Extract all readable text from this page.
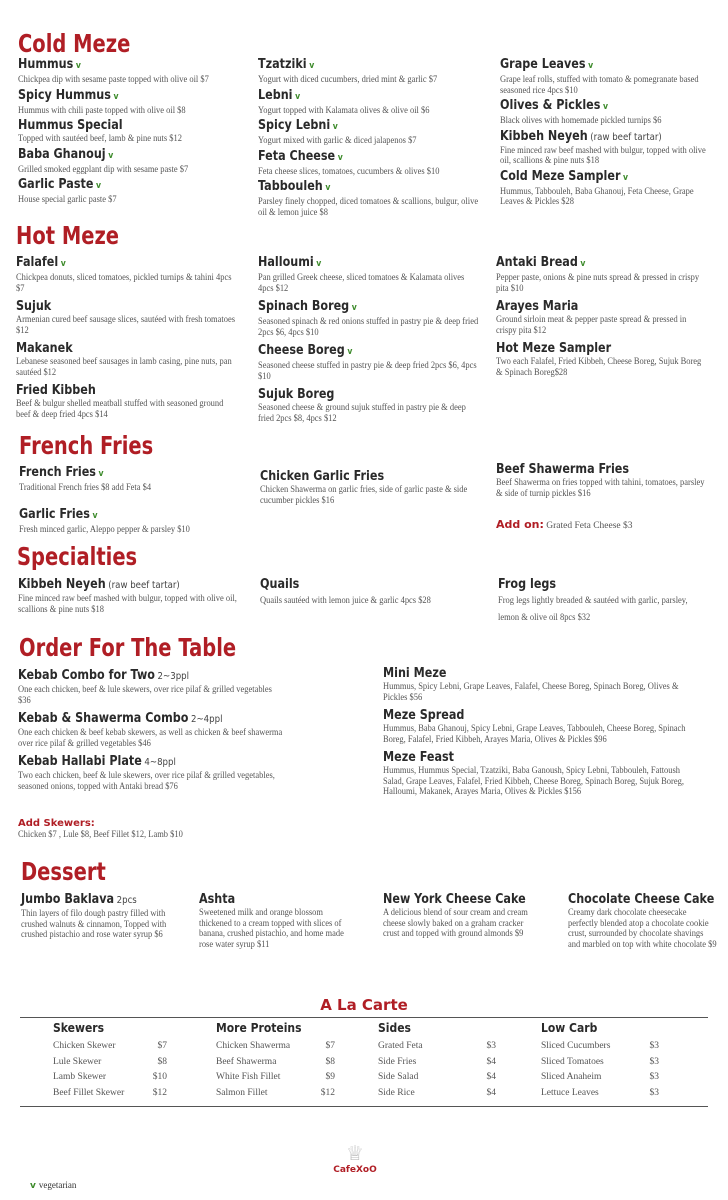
Cold Meze
Hot Meze
French Fries
Specialties
Order For The Table
Dessert
Hummus v
Chickpea dip with sesame paste topped with olive oil $7
Spicy Hummus v
Hummus with chili paste topped with olive oil $8
Hummus Special
Topped with sautéed beef, lamb & pine nuts $12
Baba Ghanouj v
Grilled smoked eggplant dip with sesame paste $7
Garlic Paste v
House special garlic paste $7
Tzatziki v
Yogurt with diced cucumbers, dried mint & garlic $7
Lebni v
Yogurt topped with Kalamata olives & olive oil $6
Spicy Lebni v
Yogurt mixed with garlic & diced jalapenos $7
Feta Cheese v
Feta cheese slices, tomatoes, cucumbers & olives $10
Tabbouleh v
Parsley finely chopped, diced tomatoes & scallions, bulgur, olive oil & lemon juice $8
Grape Leaves v
Grape leaf rolls, stuffed with tomato & pomegranate based seasoned rice 4pcs $10
Olives & Pickles v
Black olives with homemade pickled turnips $6
Kibbeh Neyeh (raw beef tartar)
Fine minced raw beef mashed with bulgur, topped with olive oil, scallions & pine nuts $18
Cold Meze Sampler v
Hummus, Tabbouleh, Baba Ghanouj, Feta Cheese, Grape Leaves & Pickles $28
Falafel v
Chickpea donuts, sliced tomatoes, pickled turnips & tahini 4pcs $7
Sujuk
Armenian cured beef sausage slices, sautéed with fresh tomatoes $12
Makanek
Lebanese seasoned beef sausages in lamb casing, pine nuts, pan sautéed $12
Fried Kibbeh
Beef & bulgur shelled meatball stuffed with seasoned ground beef & deep fried 4pcs $14
Halloumi v
Pan grilled Greek cheese, sliced tomatoes & Kalamata olives 4pcs $12
Spinach Boreg v
Seasoned spinach & red onions stuffed in pastry pie & deep fried 2pcs $6, 4pcs $10
Cheese Boreg v
Seasoned cheese stuffed in pastry pie & deep fried 2pcs $6, 4pcs $10
Sujuk Boreg
Seasoned cheese & ground sujuk stuffed in pastry pie & deep fried 2pcs $8, 4pcs $12
Antaki Bread v
Pepper paste, onions & pine nuts spread & pressed in crispy pita $10
Arayes Maria
Ground sirloin meat & pepper paste spread & pressed in crispy pita $12
Hot Meze Sampler
Two each Falafel, Fried Kibbeh, Cheese Boreg, Sujuk Boreg & Spinach Boreg$28
French Fries v
Traditional French fries $8 add Feta $4
Garlic Fries v
Fresh minced garlic, Aleppo pepper & parsley $10
Chicken Garlic Fries
Chicken Shawerma on garlic fries, side of garlic paste & side cucumber pickles $16
Beef Shawerma Fries
Beef Shawerma on fries topped with tahini, tomatoes, parsley & side of turnip pickles $16
Add on: Grated Feta Cheese $3
Kibbeh Neyeh (raw beef tartar)
Fine minced raw beef mashed with bulgur, topped with olive oil, scallions & pine nuts $18
Quails
Quails sautéed with lemon juice & garlic 4pcs $28
Frog legs
Frog legs lightly breaded & sautéed with garlic, parsley, lemon & olive oil 8pcs $32
Kebab Combo for Two 2~3ppl
One each chicken, beef & lule skewers, over rice pilaf & grilled vegetables $36
Kebab & Shawerma Combo 2~4ppl
One each chicken & beef kebab skewers, as well as chicken & beef shawerma over rice pilaf & grilled vegetables $46
Kebab Hallabi Plate 4~8ppl
Two each chicken, beef & lule skewers, over rice pilaf & grilled vegetables, seasoned onions, topped with Antaki bread $76
Add Skewers:
Chicken $7 , Lule $8, Beef Fillet $12, Lamb $10
Mini Meze
Hummus, Spicy Lebni, Grape Leaves, Falafel, Cheese Boreg, Spinach Boreg, Olives & Pickles $56
Meze Spread
Hummus, Baba Ghanouj, Spicy Lebni, Grape Leaves, Tabbouleh, Cheese Boreg, Spinach Boreg, Falafel, Fried Kibbeh, Arayes Maria, Olives & Pickles $96
Meze Feast
Hummus, Hummus Special, Tzatziki, Baba Ganoush, Spicy Lebni, Tabbouleh, Fattoush Salad, Grape Leaves, Falafel, Fried Kibbeh, Cheese Boreg, Spinach Boreg, Sujuk Boreg, Halloumi, Makanek, Arayes Maria, Olives & Pickles $156
Jumbo Baklava 2pcs
Thin layers of filo dough pastry filled with crushed walnuts & cinnamon, Topped with crushed pistachio and rose water syrup $6
Ashta
Sweetened milk and orange blossom thickened to a cream topped with slices of banana, crushed pistachio, and home made rose water syrup $11
New York Cheese Cake
A delicious blend of sour cream and cream cheese slowly baked on a graham cracker crust and topped with ground almonds $9
Chocolate Cheese Cake
Creamy dark chocolate cheesecake perfectly blended atop a chocolate cookie crust, surrounded by chocolate shavings and marbled on top with white chocolate $9
A La Carte
Skewers
Chicken Skewer	$7
Lule Skewer	$8
Lamb Skewer	$10
Beef Fillet Skewer	$12
More Proteins
Chicken Shawerma	$7
Beef Shawerma	$8
White Fish Fillet	$9
Salmon Fillet	$12
Sides
Grated Feta	$3
Side Fries	$4
Side Salad	$4
Side Rice	$4
Low Carb
Sliced Cucumbers	$3
Sliced Tomatoes	$3
Sliced Anaheim	$3
Lettuce Leaves	$3
♕
CafeXoO
v vegetarian
